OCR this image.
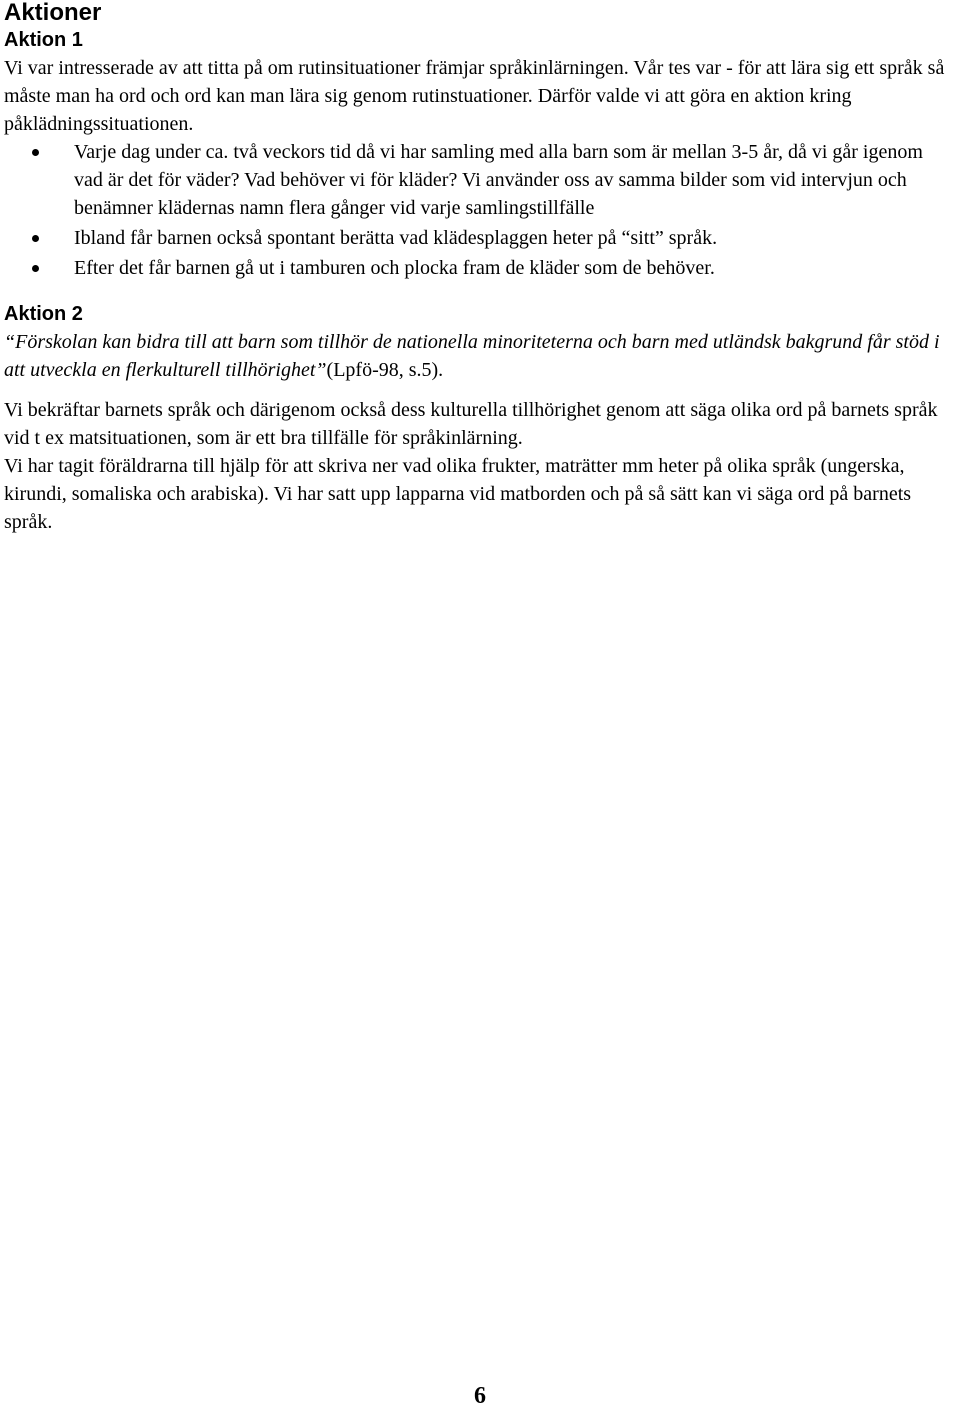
Aktioner
Aktion 1

Vi var intresserade av att titta på om rutinsituationer främjar språkinlärningen. Vår tes var - för att lära sig ett språk så måste man ha ord och ord kan man lära sig genom rutinstuationer. Därför valde vi att göra en aktion kring påklädningssituationen.

Varje dag under ca. två veckors tid då vi har samling med alla barn som är mellan 3-5 år, då vi går igenom vad är det för väder? Vad behöver vi för kläder? Vi använder oss av samma bilder som vid intervjun och benämner klädernas namn flera gånger vid varje samlingstillfälle
Ibland får barnen också spontant berätta vad klädesplaggen heter på “sitt” språk.
Efter det får barnen gå ut i tamburen och plocka fram de kläder som de behöver.
Aktion 2

“Förskolan kan bidra till att barn som tillhör de nationella minoriteterna och barn med utländsk bakgrund får stöd i att utveckla en flerkulturell tillhörighet”(Lpfö-98, s.5).

Vi bekräftar barnets språk och därigenom också dess kulturella tillhörighet genom att säga olika ord på barnets språk vid t ex matsituationen, som är ett bra tillfälle för språkinlärning.

Vi har tagit föräldrarna till hjälp för att skriva ner vad olika frukter, maträtter mm heter på olika språk (ungerska, kirundi, somaliska och arabiska). Vi har satt upp lapparna vid matborden och på så sätt kan vi säga ord på barnets språk.

6
